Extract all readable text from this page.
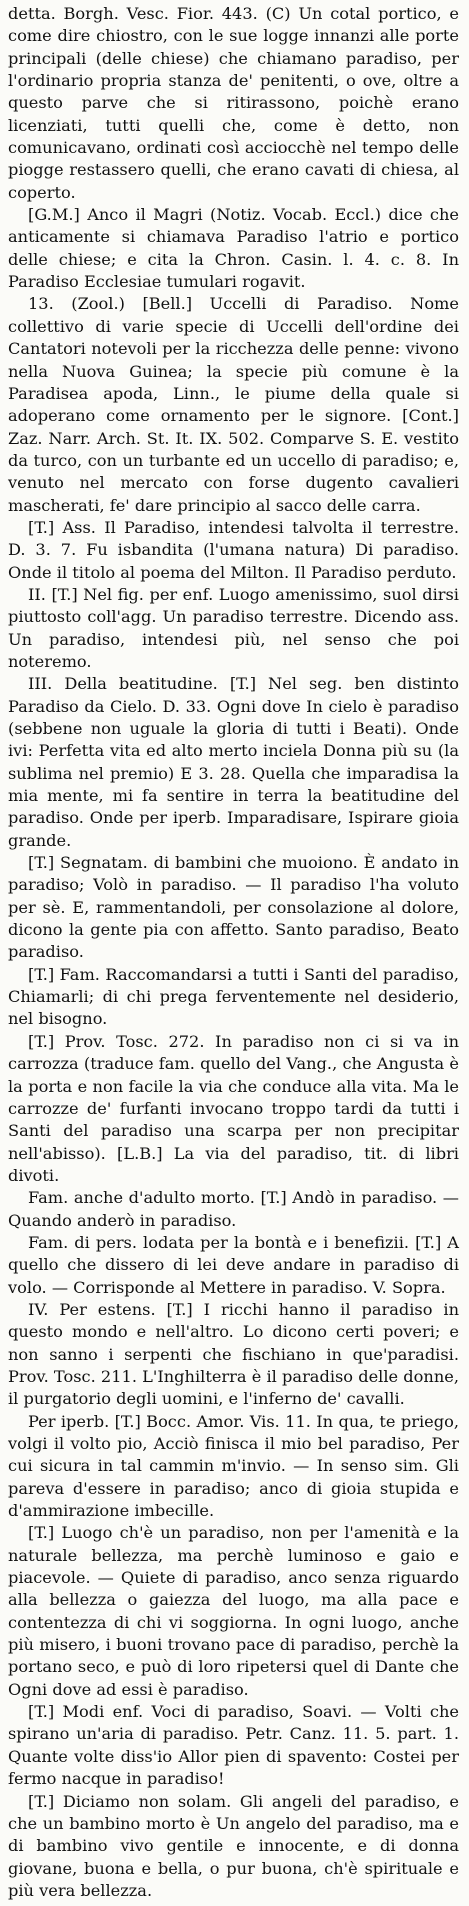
detta. Borgh. Vesc. Fior. 443. (C) Un cotal portico, e come dire chiostro, con le sue logge innanzi alle porte principali (delle chiese) che chiamano paradiso, per l'ordinario propria stanza de' penitenti, o ove, oltre a questo parve che si ritirassono, poichè erano licenziati, tutti quelli che, come è detto, non comunicavano, ordinati così acciocchè nel tempo delle piogge restassero quelli, che erano cavati di chiesa, al coperto.

[G.M.] Anco il Magri (Notiz. Vocab. Eccl.) dice che anticamente si chiamava Paradiso l'atrio e portico delle chiese; e cita la Chron. Casin. l. 4. c. 8. In Paradiso Ecclesiae tumulari rogavit.

13. (Zool.) [Bell.] Uccelli di Paradiso. Nome collettivo di varie specie di Uccelli dell'ordine dei Cantatori notevoli per la ricchezza delle penne: vivono nella Nuova Guinea; la specie più comune è la Paradisea apoda, Linn., le piume della quale si adoperano come ornamento per le signore. [Cont.] Zaz. Narr. Arch. St. It. IX. 502. Comparve S. E. vestito da turco, con un turbante ed un uccello di paradiso; e, venuto nel mercato con forse dugento cavalieri mascherati, fe' dare principio al sacco delle carra.

[T.] Ass. Il Paradiso, intendesi talvolta il terrestre. D. 3. 7. Fu isbandita (l'umana natura) Di paradiso. Onde il titolo al poema del Milton. Il Paradiso perduto.

II. [T.] Nel fig. per enf. Luogo amenissimo, suol dirsi piuttosto coll'agg. Un paradiso terrestre. Dicendo ass. Un paradiso, intendesi più, nel senso che poi noteremo.

III. Della beatitudine. [T.] Nel seg. ben distinto Paradiso da Cielo. D. 33. Ogni dove In cielo è paradiso (sebbene non uguale la gloria di tutti i Beati). Onde ivi: Perfetta vita ed alto merto inciela Donna più su (la sublima nel premio) E 3. 28. Quella che imparadisa la mia mente, mi fa sentire in terra la beatitudine del paradiso. Onde per iperb. Imparadisare, Ispirare gioia grande.

[T.] Segnatam. di bambini che muoiono. È andato in paradiso; Volò in paradiso. — Il paradiso l'ha voluto per sè. E, rammentandoli, per consolazione al dolore, dicono la gente pia con affetto. Santo paradiso, Beato paradiso.

[T.] Fam. Raccomandarsi a tutti i Santi del paradiso, Chiamarli; di chi prega ferventemente nel desiderio, nel bisogno.

[T.] Prov. Tosc. 272. In paradiso non ci si va in carrozza (traduce fam. quello del Vang., che Angusta è la porta e non facile la via che conduce alla vita. Ma le carrozze de' furfanti invocano troppo tardi da tutti i Santi del paradiso una scarpa per non precipitar nell'abisso). [L.B.] La via del paradiso, tit. di libri divoti.

Fam. anche d'adulto morto. [T.] Andò in paradiso. — Quando anderò in paradiso.

Fam. di pers. lodata per la bontà e i benefizii. [T.] A quello che dissero di lei deve andare in paradiso di volo. — Corrisponde al Mettere in paradiso. V. Sopra.

IV. Per estens. [T.] I ricchi hanno il paradiso in questo mondo e nell'altro. Lo dicono certi poveri; e non sanno i serpenti che fischiano in que'paradisi. Prov. Tosc. 211. L'Inghilterra è il paradiso delle donne, il purgatorio degli uomini, e l'inferno de' cavalli.

Per iperb. [T.] Bocc. Amor. Vis. 11. In qua, te priego, volgi il volto pio, Acciò finisca il mio bel paradiso, Per cui sicura in tal cammin m'invio. — In senso sim. Gli pareva d'essere in paradiso; anco di gioia stupida e d'ammirazione imbecille.

[T.] Luogo ch'è un paradiso, non per l'amenità e la naturale bellezza, ma perchè luminoso e gaio e piacevole. — Quiete di paradiso, anco senza riguardo alla bellezza o gaiezza del luogo, ma alla pace e contentezza di chi vi soggiorna. In ogni luogo, anche più misero, i buoni trovano pace di paradiso, perchè la portano seco, e può di loro ripetersi quel di Dante che Ogni dove ad essi è paradiso.

[T.] Modi enf. Voci di paradiso, Soavi. — Volti che spirano un'aria di paradiso. Petr. Canz. 11. 5. part. 1. Quante volte diss'io Allor pien di spavento: Costei per fermo nacque in paradiso!

[T.] Diciamo non solam. Gli angeli del paradiso, e che un bambino morto è Un angelo del paradiso, ma e di bambino vivo gentile e innocente, e di donna giovane, buona e bella, o pur buona, ch'è spirituale e più vera bellezza.
